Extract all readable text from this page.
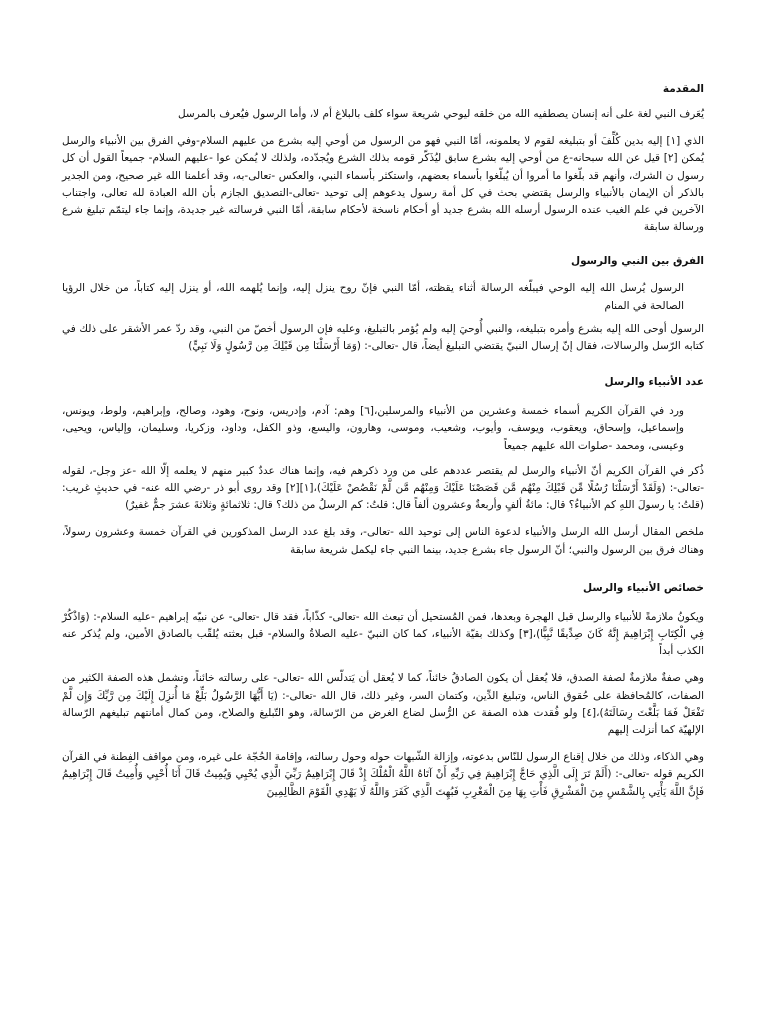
المقدمة

يُعَرف النبي لغة على أنه إنسان يصطفيه الله من خلقه ليوحي شريعة سواء كلف بالبلاغ أم لا، وأما الرسول فيُعرف بالمرسل

الذي [١] إليه بدين كُلِّفَ أو بتبليغه لقوم لا يعلمونه، أمّا النبي فهو من الرسول من أوحي إليه بشرع من عليهم السلام-وفي الفرق بين الأنبياء والرسل يُمكن [٢] قيل عن الله سبحانه-ع من أوحي إليه بشرع سابق ليُذَكّر قومه بذلك الشرع ويُجدّده، ولذلك لا يُمكن عوا -عليهم السلام- جميعاً القول أن كل رسول ن الشرك، وأنهم قد بلّغوا ما أمروا أن يُبلّغوا بأسماء بعضهم، واستكثر بأسماء النبي، والعكس -تعالى-به، وقد أعلمنا الله غير صحيح، ومن الجدير بالذكر أن الإيمان بالأنبياء والرسل يقتضي بحث في كل أمة رسول يدعوهم إلى توحيد -تعالى-التصديق الجازم بأن الله العبادة لله تعالى، واجتناب الآخرين في علم الغيب عنده الرسول أرسله الله بشرع جديد أو أحكام ناسخة لأحكام سابقة، أمّا النبي فرسالته غير جديدة، وإنما جاء ليتمّم تبليغ شرع ورسالة سابقة

الفرق بين النبي والرسول

الرسول يُرسل الله إليه الوحي فيبلّغه الرسالة أثناء يقظته، أمّا النبي فإنّ روح ينزل إليه، وإنما يُلهمه الله، أو ينزل إليه كتاباً، من خلال الرؤيا الصالحة في المنام

الرسول أوحى الله إليه بشرع وأمره بتبليغه، والنبي أُوحيَ إليه ولم يُؤمر بالتبليغ، وعليه فإن الرسول أخصّ من النبي، وقد ردّ عمر الأشقر على ذلك في كتابه الرّسل والرسالات، فقال إنّ إرسال النبيّ يقتضي التبليغ أيضاً، قال -تعالى-: (وَمَا أَرْسَلْنَا مِن قَبْلِكَ مِن رَّسُولٍ وَلَا نَبِيٍّ)

عدد الأنبياء والرسل

ورد في القرآن الكريم أسماء خمسة وعشرين من الأنبياء والمرسلين،[٦] وهم: آدم، وإدريس، ونوح، وهود، وصالح، وإبراهيم، ولوط، ويونس، وإسماعيل، وإسحاق، ويعقوب، ويوسف، وأيوب، وشعيب، وموسى، وهارون، واليسع، وذو الكفل، وداود، وزكريا، وسليمان، وإلياس، ويحيى، وعيسى، ومحمد -صلوات الله عليهم جميعاً

ذُكر في القرآن الكريم أنّ الأنبياء والرسل لم يقتصر عددهم على من ورد ذكرهم فيه، وإنما هناك عددٌ كبير منهم لا يعلمه إلّا الله -عز وجل-، لقوله -تعالى-: (وَلَقَدْ أَرْسَلْنَا رُسُلًا مِّن قَبْلِكَ مِنْهُم مَّن قَصَصْنَا عَلَيْكَ وَمِنْهُم مَّن لَّمْ نَقْصُصْ عَلَيْكَ)،[١][٢] وقد روى أبو ذر -رضي الله عنه- في حديثٍ غريب: (قلتُ: يا رسولَ اللهِ كم الأنبياءُ؟ قال: مائةُ ألفٍ وأربعةٌ وعشرون ألفاً قال: قلتُ: كم الرسلُ من ذلك؟ قال: ثلاثمائةٍ وثلاثةَ عشرَ جمٌّ غفيرٌ)

ملخص المقال أرسل الله الرسل والأنبياء لدعوة الناس إلى توحيد الله -تعالى-، وقد بلغ عدد الرسل المذكورين في القرآن خمسة وعشرون رسولاً، وهناك فرق بين الرسول والنبي؛ أنّ الرسول جاء بشرع جديد، بينما النبي جاء ليكمل شريعة سابقة

خصائص الأنبياء والرسل

ويكونُ ملازمةً للأنبياء والرسل قبل الهجرة وبعدها، فمن المُستحيل أن تبعث الله -تعالى- كذّاباً، فقد قال -تعالى- عن نبيّه إبراهيم -عليه السلام-: (وَاذْكُرْ فِي الْكِتَابِ إِبْرَاهِيمَ إِنَّهُ كَانَ صِدِّيقًا نَّبِيًّا)،[٣] وكذلك بقيّة الأنبياء، كما كان النبيّ -عليه الصلاةُ والسلام- قبل بعثته يُلقّب بالصادق الأمين، ولم يُذكر عنه الكذب أبداً

وهي صفةٌ ملازمةٌ لصفة الصدق، فلا يُعقل أن يكون الصادقُ خائناً، كما لا يُعقل أن يَتدلّس الله -تعالى- على رسالته خائناً، وتشمل هذه الصفة الكثير من الصفات، كالمُحافظة على حُقوق الناس، وتبليغ الدِّين، وكتمان السر، وغير ذلك، قال الله -تعالى-: (يَا أَيُّهَا الرَّسُولُ بَلِّغْ مَا أُنزِلَ إِلَيْكَ مِن رَّبِّكَ وَإِن لَّمْ تَفْعَلْ فَمَا بَلَّغْتَ رِسَالَتَهُ)،[٤] ولو فُقدت هذه الصفة عن الرُّسل لضاع الغرض من الرّسالة، وهو التّبليغ والصلاح، ومن كمال أمانتهم تبليغهم الرّسالة الإلهيّة كما أنزلت إليهم

وهي الذكاء، وذلك من خلال إقناع الرسول للنّاس بدعوته، وإزالة الشّبهات حوله وحول رسالته، وإقامة الحُجّة على غيره، ومن مواقف الفِطنة في القرآن الكريم قوله -تعالى-: (أَلَمْ تَرَ إِلَى الَّذِي حَاجَّ إِبْرَاهِيمَ فِي رَبِّهِ أَنْ آتَاهُ اللَّهُ الْمُلْكَ إِذْ قَالَ إِبْرَاهِيمُ رَبِّيَ الَّذِي يُحْيِي وَيُمِيتُ قَالَ أَنَا أُحْيِي وَأُمِيتُ قَالَ إِبْرَاهِيمُ فَإِنَّ اللَّهَ يَأْتِي بِالشَّمْسِ مِنَ الْمَشْرِقِ فَأْتِ بِهَا مِنَ الْمَغْرِبِ فَبُهِتَ الَّذِي كَفَرَ وَاللَّهُ لَا يَهْدِي الْقَوْمَ الظَّالِمِينَ
